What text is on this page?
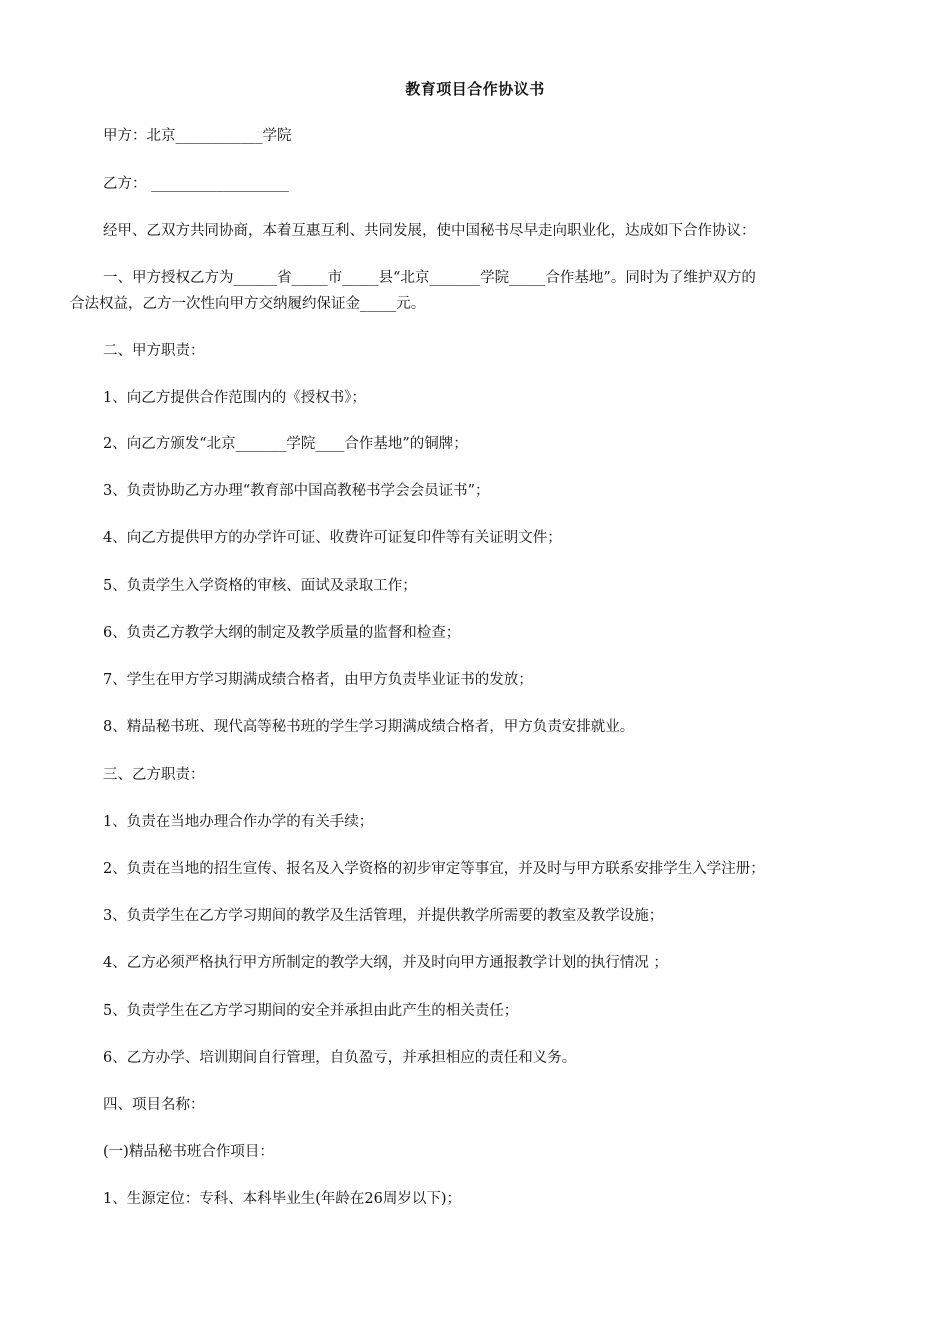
教育项目合作协议书
甲方：北京____________学院
乙方： ___________________
经甲、乙双方共同协商，本着互惠互利、共同发展，使中国秘书尽早走向职业化，达成如下合作协议：
一、甲方授权乙方为______省_____市_____县“北京_______学院_____合作基地”。同时为了维护双方的
合法权益，乙方一次性向甲方交纳履约保证金_____元。
二、甲方职责：
1、向乙方提供合作范围内的《授权书》；
2、向乙方颁发“北京_______学院____合作基地”的铜牌；
3、负责协助乙方办理“教育部中国高教秘书学会会员证书”；
4、向乙方提供甲方的办学许可证、收费许可证复印件等有关证明文件；
5、负责学生入学资格的审核、面试及录取工作；
6、负责乙方教学大纲的制定及教学质量的监督和检查；
7、学生在甲方学习期满成绩合格者，由甲方负责毕业证书的发放；
8、精品秘书班、现代高等秘书班的学生学习期满成绩合格者，甲方负责安排就业。
三、乙方职责：
1、负责在当地办理合作办学的有关手续；
2、负责在当地的招生宣传、报名及入学资格的初步审定等事宜，并及时与甲方联系安排学生入学注册；
3、负责学生在乙方学习期间的教学及生活管理，并提供教学所需要的教室及教学设施；
4、乙方必须严格执行甲方所制定的教学大纲，并及时向甲方通报教学计划的执行情况 ；
5、负责学生在乙方学习期间的安全并承担由此产生的相关责任；
6、乙方办学、培训期间自行管理，自负盈亏，并承担相应的责任和义务。
四、项目名称：
(一)精品秘书班合作项目：
1、生源定位：专科、本科毕业生(年龄在26周岁以下)；
